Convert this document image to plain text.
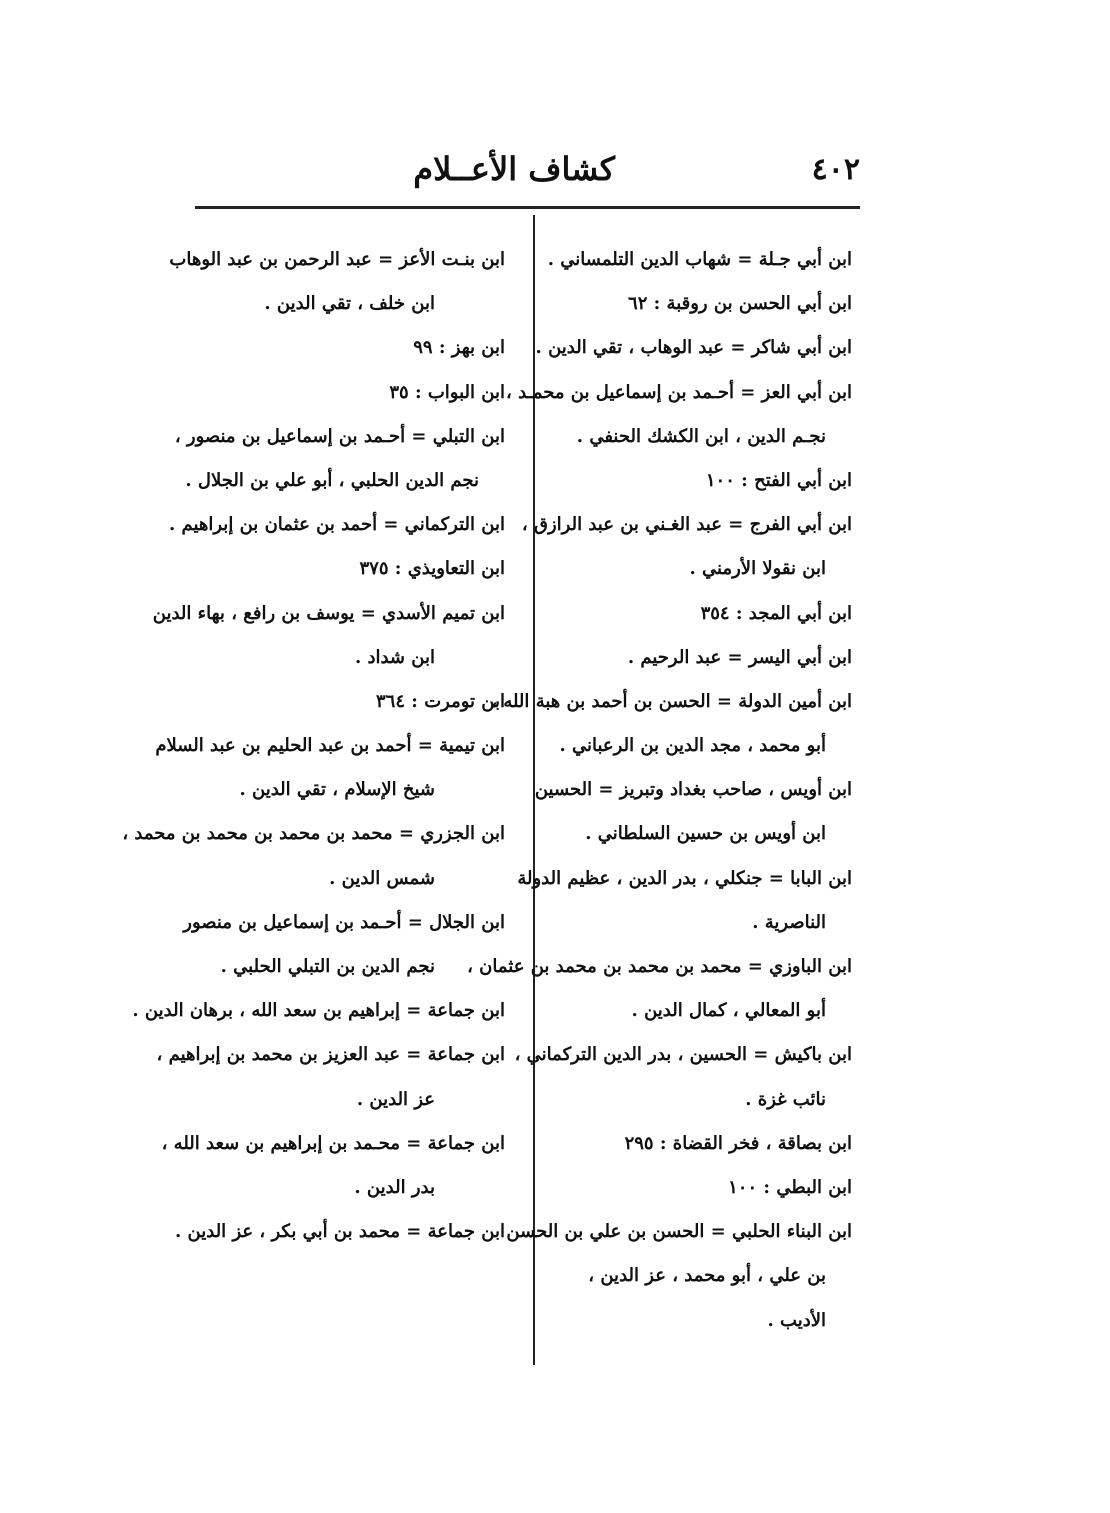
٤٠٢
كشاف الأعــلام
ابن أبي جـلة = شهاب الدين التلمساني .
ابن أبي الحسن بن روقبة : ٦٢
ابن أبي شاكر = عبد الوهاب ، تقي الدين .
ابن أبي العز = أحـمد بن إسماعيل بن محمـد ،
نجـم الدين ، ابن الكشك الحنفي .
ابن أبي الفتح : ١٠٠
ابن أبي الفرج = عبد الغـني بن عبد الرازق ،
ابن نقولا الأرمني .
ابن أبي المجد : ٣٥٤
ابن أبي اليسر = عبد الرحيم .
ابن أمين الدولة = الحسن بن أحمد بن هبة الله ،
أبو محمد ، مجد الدين بن الرعباني .
ابن أويس ، صاحب بغداد وتبريز = الحسين
ابن أويس بن حسين السلطاني .
ابن البابا = جنكلي ، بدر الدين ، عظيم الدولة
الناصرية .
ابن الباوزي = محمد بن محمد بن محمد بن عثمان ،
أبو المعالي ، كمال الدين .
ابن باكيش = الحسين ، بدر الدين التركماني ،
نائب غزة .
ابن بصاقة ، فخر القضاة : ٢٩٥
ابن البطي : ١٠٠
ابن البناء الحلبي = الحسن بن علي بن الحسن
بن علي ، أبو محمد ، عز الدين ،
الأديب .
ابن بنـت الأعز = عبد الرحمن بن عبد الوهاب
ابن خلف ، تقي الدين .
ابن بهز : ٩٩
ابن البواب : ٣٥
ابن التبلي = أحـمد بن إسماعيل بن منصور ،
نجم الدين الحلبي ، أبو علي بن الجلال .
ابن التركماني = أحمد بن عثمان بن إبراهيم .
ابن التعاويذي : ٣٧٥
ابن تميم الأسدي = يوسف بن رافع ، بهاء الدين
ابن شداد .
ابن تومرت : ٣٦٤
ابن تيمية = أحمد بن عبد الحليم بن عبد السلام
شيخ الإسلام ، تقي الدين .
ابن الجزري = محمد بن محمد بن محمد بن محمد ،
شمس الدين .
ابن الجلال = أحـمد بن إسماعيل بن منصور
نجم الدين بن التبلي الحلبي .
ابن جماعة = إبراهيم بن سعد الله ، برهان الدين .
ابن جماعة = عبد العزيز بن محمد بن إبراهيم ،
عز الدين .
ابن جماعة = محـمد بن إبراهيم بن سعد الله ،
بدر الدين .
ابن جماعة = محمد بن أبي بكر ، عز الدين .
